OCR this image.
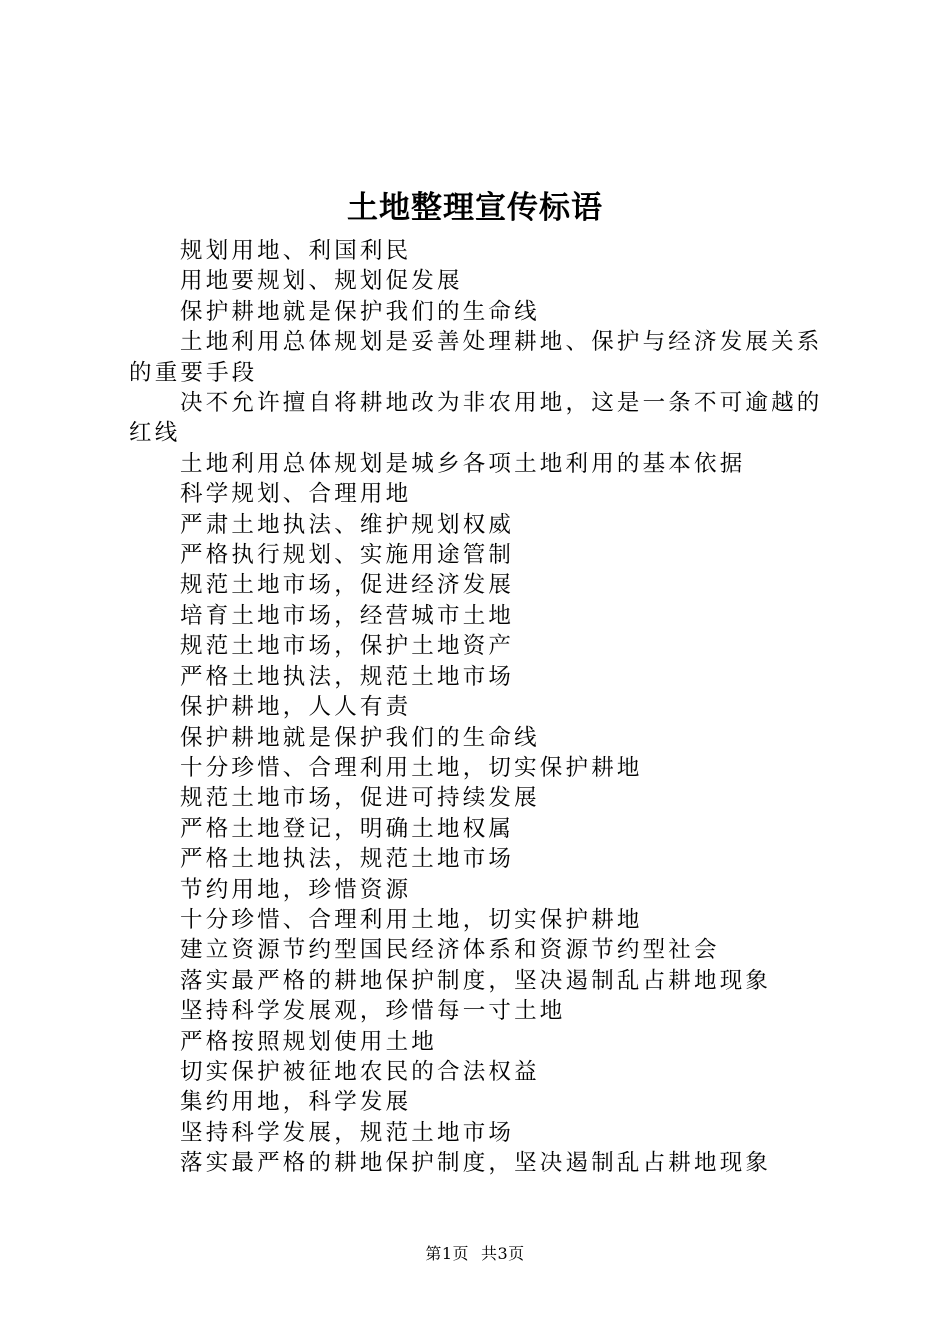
土地整理宣传标语

规划用地、利国利民

用地要规划、规划促发展

保护耕地就是保护我们的生命线

土地利用总体规划是妥善处理耕地、保护与经济发展关系的重要手段

决不允许擅自将耕地改为非农用地，这是一条不可逾越的红线

土地利用总体规划是城乡各项土地利用的基本依据

科学规划、合理用地

严肃土地执法、维护规划权威

严格执行规划、实施用途管制

规范土地市场，促进经济发展

培育土地市场，经营城市土地

规范土地市场，保护土地资产

严格土地执法，规范土地市场

保护耕地，人人有责

保护耕地就是保护我们的生命线

十分珍惜、合理利用土地，切实保护耕地

规范土地市场，促进可持续发展

严格土地登记，明确土地权属

严格土地执法，规范土地市场

节约用地，珍惜资源

十分珍惜、合理利用土地，切实保护耕地

建立资源节约型国民经济体系和资源节约型社会

落实最严格的耕地保护制度，坚决遏制乱占耕地现象

坚持科学发展观，珍惜每一寸土地

严格按照规划使用土地

切实保护被征地农民的合法权益

集约用地，科学发展

坚持科学发展，规范土地市场

落实最严格的耕地保护制度，坚决遏制乱占耕地现象

第1页 共3页
